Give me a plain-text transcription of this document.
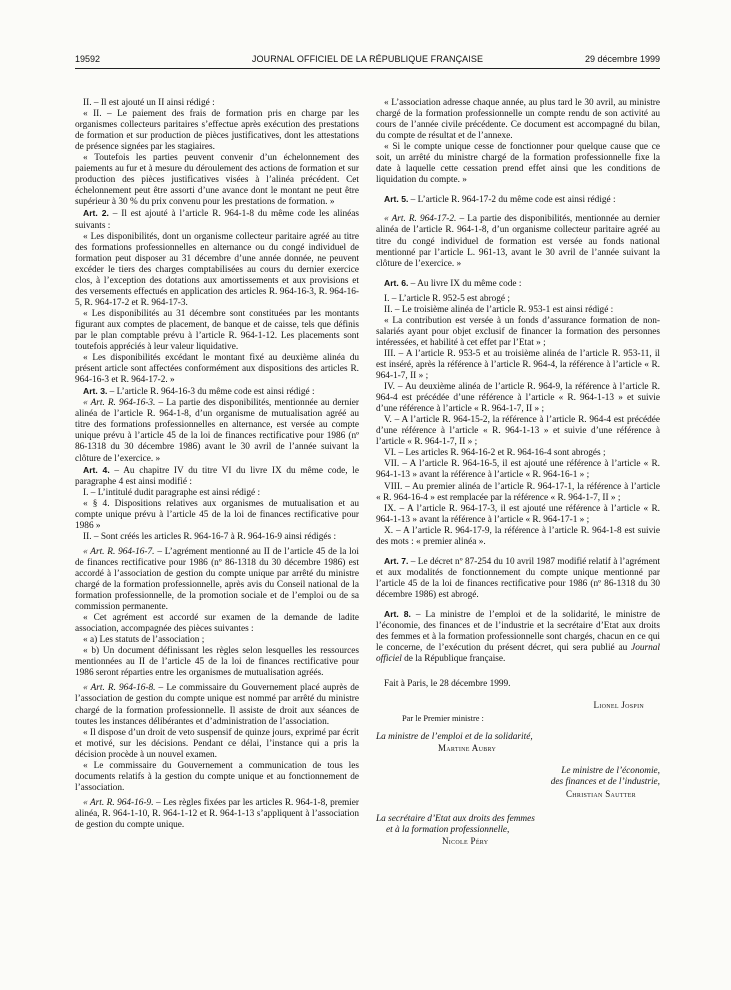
19592	JOURNAL OFFICIEL DE LA RÉPUBLIQUE FRANÇAISE	29 décembre 1999

II. – Il est ajouté un II ainsi rédigé :

« II. – Le paiement des frais de formation pris en charge par les organismes collecteurs paritaires s’effectue après exécution des prestations de formation et sur production de pièces justificatives, dont les attestations de présence signées par les stagiaires.

« Toutefois les parties peuvent convenir d’un échelonnement des paiements au fur et à mesure du déroulement des actions de formation et sur production des pièces justificatives visées à l’alinéa précédent. Cet échelonnement peut être assorti d’une avance dont le montant ne peut être supérieur à 30 % du prix convenu pour les prestations de formation. »

Art. 2. – Il est ajouté à l’article R. 964-1-8 du même code les alinéas suivants :

« Les disponibilités, dont un organisme collecteur paritaire agréé au titre des formations professionnelles en alternance ou du congé individuel de formation peut disposer au 31 décembre d’une année donnée, ne peuvent excéder le tiers des charges comptabilisées au cours du dernier exercice clos, à l’exception des dotations aux amortissements et aux provisions et des versements effectués en application des articles R. 964-16-3, R. 964-16-5, R. 964-17-2 et R. 964-17-3.

« Les disponibilités au 31 décembre sont constituées par les montants figurant aux comptes de placement, de banque et de caisse, tels que définis par le plan comptable prévu à l’article R. 964-1-12. Les placements sont toutefois appréciés à leur valeur liquidative.

« Les disponibilités excédant le montant fixé au deuxième alinéa du présent article sont affectées conformément aux dispositions des articles R. 964-16-3 et R. 964-17-2. »

Art. 3. – L’article R. 964-16-3 du même code est ainsi rédigé :

« Art. R. 964-16-3. – La partie des disponibilités, mentionnée au dernier alinéa de l’article R. 964-1-8, d’un organisme de mutualisation agréé au titre des formations professionnelles en alternance, est versée au compte unique prévu à l’article 45 de la loi de finances rectificative pour 1986 (nº 86-1318 du 30 décembre 1986) avant le 30 avril de l’année suivant la clôture de l’exercice. »

Art. 4. – Au chapitre IV du titre VI du livre IX du même code, le paragraphe 4 est ainsi modifié :

I. – L’intitulé dudit paragraphe est ainsi rédigé :

« § 4. Dispositions relatives aux organismes de mutualisation et au compte unique prévu à l’article 45 de la loi de finances rectificative pour 1986 »

II. – Sont créés les articles R. 964-16-7 à R. 964-16-9 ainsi rédigés :

« Art. R. 964-16-7. – L’agrément mentionné au II de l’article 45 de la loi de finances rectificative pour 1986 (nº 86-1318 du 30 décembre 1986) est accordé à l’association de gestion du compte unique par arrêté du ministre chargé de la formation professionnelle, après avis du Conseil national de la formation professionnelle, de la promotion sociale et de l’emploi ou de sa commission permanente.

« Cet agrément est accordé sur examen de la demande de ladite association, accompagnée des pièces suivantes :

« a) Les statuts de l’association ;

« b) Un document définissant les règles selon lesquelles les ressources mentionnées au II de l’article 45 de la loi de finances rectificative pour 1986 seront réparties entre les organismes de mutualisation agréés.

« Art. R. 964-16-8. – Le commissaire du Gouvernement placé auprès de l’association de gestion du compte unique est nommé par arrêté du ministre chargé de la formation professionnelle. Il assiste de droit aux séances de toutes les instances délibérantes et d’administration de l’association.

« Il dispose d’un droit de veto suspensif de quinze jours, exprimé par écrit et motivé, sur les décisions. Pendant ce délai, l’instance qui a pris la décision procède à un nouvel examen.

« Le commissaire du Gouvernement a communication de tous les documents relatifs à la gestion du compte unique et au fonctionnement de l’association.

« Art. R. 964-16-9. – Les règles fixées par les articles R. 964-1-8, premier alinéa, R. 964-1-10, R. 964-1-12 et R. 964-1-13 s’appliquent à l’association de gestion du compte unique.

« L’association adresse chaque année, au plus tard le 30 avril, au ministre chargé de la formation professionnelle un compte rendu de son activité au cours de l’année civile précédente. Ce document est accompagné du bilan, du compte de résultat et de l’annexe.

« Si le compte unique cesse de fonctionner pour quelque cause que ce soit, un arrêté du ministre chargé de la formation professionnelle fixe la date à laquelle cette cessation prend effet ainsi que les conditions de liquidation du compte. »

Art. 5. – L’article R. 964-17-2 du même code est ainsi rédigé :

« Art. R. 964-17-2. – La partie des disponibilités, mentionnée au dernier alinéa de l’article R. 964-1-8, d’un organisme collecteur paritaire agréé au titre du congé individuel de formation est versée au fonds national mentionné par l’article L. 961-13, avant le 30 avril de l’année suivant la clôture de l’exercice. »

Art. 6. – Au livre IX du même code :

I. – L’article R. 952-5 est abrogé ;

II. – Le troisième alinéa de l’article R. 953-1 est ainsi rédigé :

« La contribution est versée à un fonds d’assurance formation de non-salariés ayant pour objet exclusif de financer la formation des personnes intéressées, et habilité à cet effet par l’Etat » ;

III. – A l’article R. 953-5 et au troisième alinéa de l’article R. 953-11, il est inséré, après la référence à l’article R. 964-4, la référence à l’article « R. 964-1-7, II » ;

IV. – Au deuxième alinéa de l’article R. 964-9, la référence à l’article R. 964-4 est précédée d’une référence à l’article « R. 964-1-13 » et suivie d’une référence à l’article « R. 964-1-7, II » ;

V. – A l’article R. 964-15-2, la référence à l’article R. 964-4 est précédée d’une référence à l’article « R. 964-1-13 » et suivie d’une référence à l’article « R. 964-1-7, II » ;

VI. – Les articles R. 964-16-2 et R. 964-16-4 sont abrogés ;

VII. – A l’article R. 964-16-5, il est ajouté une référence à l’article « R. 964-1-13 » avant la référence à l’article « R. 964-16-1 » ;

VIII. – Au premier alinéa de l’article R. 964-17-1, la référence à l’article « R. 964-16-4 » est remplacée par la référence « R. 964-1-7, II » ;

IX. – A l’article R. 964-17-3, il est ajouté une référence à l’article « R. 964-1-13 » avant la référence à l’article « R. 964-17-1 » ;

X. – A l’article R. 964-17-9, la référence à l’article R. 964-1-8 est suivie des mots : « premier alinéa ».

Art. 7. – Le décret nº 87-254 du 10 avril 1987 modifié relatif à l’agrément et aux modalités de fonctionnement du compte unique mentionné par l’article 45 de la loi de finances rectificative pour 1986 (nº 86-1318 du 30 décembre 1986) est abrogé.

Art. 8. – La ministre de l’emploi et de la solidarité, le ministre de l’économie, des finances et de l’industrie et la secrétaire d’Etat aux droits des femmes et à la formation professionnelle sont chargés, chacun en ce qui le concerne, de l’exécution du présent décret, qui sera publié au Journal officiel de la République française.

Fait à Paris, le 28 décembre 1999.

Lionel Jospin

Par le Premier ministre :

La ministre de l’emploi et de la solidarité,

Martine Aubry

Le ministre de l’économie,

des finances et de l’industrie,

Christian Sautter

La secrétaire d’Etat aux droits des femmes

et à la formation professionnelle,

Nicole Péry
